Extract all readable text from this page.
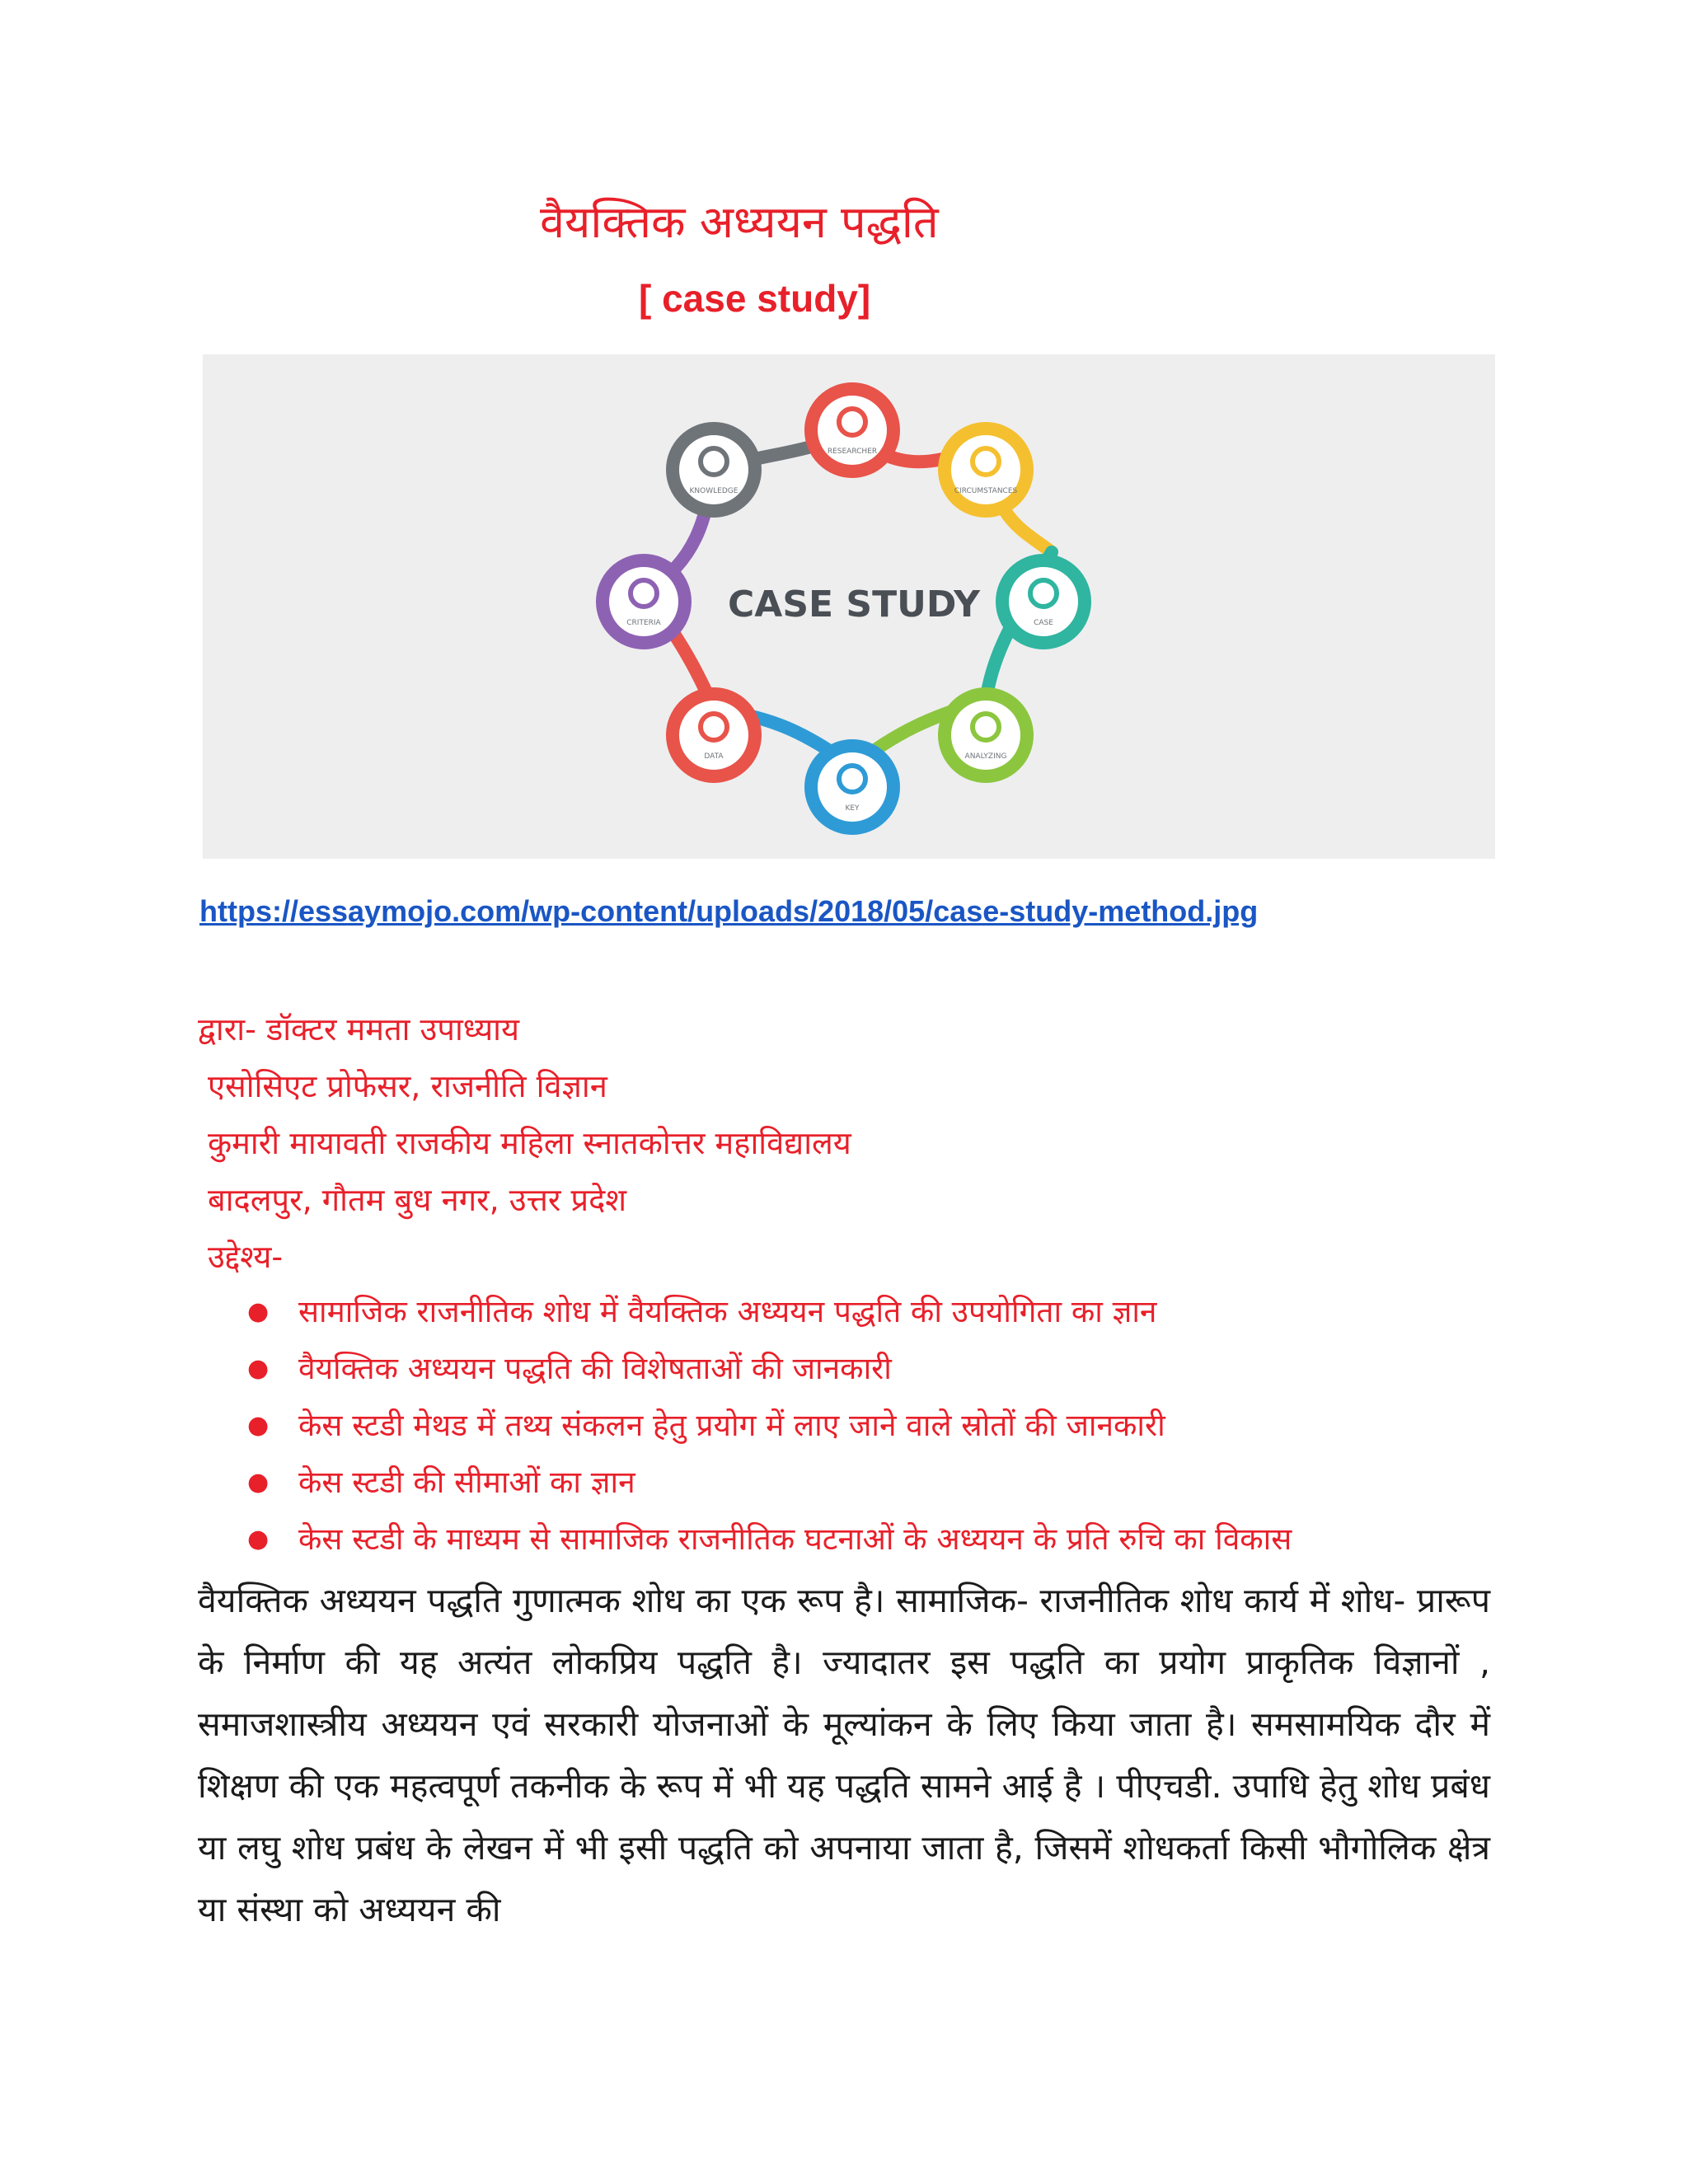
वैयक्तिक अध्ययन पद्धति
[ case study]
RESEARCHER
CIRCUMSTANCES
CASE
ANALYZING
KEY
DATA
CRITERIA
KNOWLEDGE
CASE STUDY
https://essaymojo.com/wp-content/uploads/2018/05/case-study-method.jpg
द्वारा- डॉक्टर ममता उपाध्याय
एसोसिएट प्रोफेसर, राजनीति विज्ञान
कुमारी मायावती राजकीय महिला स्नातकोत्तर महाविद्यालय
बादलपुर, गौतम बुध नगर, उत्तर प्रदेश
उद्देश्य-
● सामाजिक राजनीतिक शोध में वैयक्तिक अध्ययन पद्धति की उपयोगिता का ज्ञान
● वैयक्तिक अध्ययन पद्धति की विशेषताओं की जानकारी
● केस स्टडी मेथड में तथ्य संकलन हेतु प्रयोग में लाए जाने वाले स्रोतों की जानकारी
● केस स्टडी की सीमाओं का ज्ञान
● केस स्टडी के माध्यम से सामाजिक राजनीतिक घटनाओं के अध्ययन के प्रति रुचि का विकास
वैयक्तिक अध्ययन पद्धति गुणात्मक शोध का एक रूप है। सामाजिक- राजनीतिक शोध कार्य में शोध- प्रारूप के निर्माण की यह अत्यंत लोकप्रिय पद्धति है। ज्यादातर इस पद्धति का प्रयोग प्राकृतिक विज्ञानों , समाजशास्त्रीय अध्ययन एवं सरकारी योजनाओं के मूल्यांकन के लिए किया जाता है। समसामयिक दौर में शिक्षण की एक महत्वपूर्ण तकनीक के रूप में भी यह पद्धति सामने आई है । पीएचडी. उपाधि हेतु शोध प्रबंध या लघु शोध प्रबंध के लेखन में भी इसी पद्धति को अपनाया जाता है, जिसमें शोधकर्ता किसी भौगोलिक क्षेत्र या संस्था को अध्ययन की
